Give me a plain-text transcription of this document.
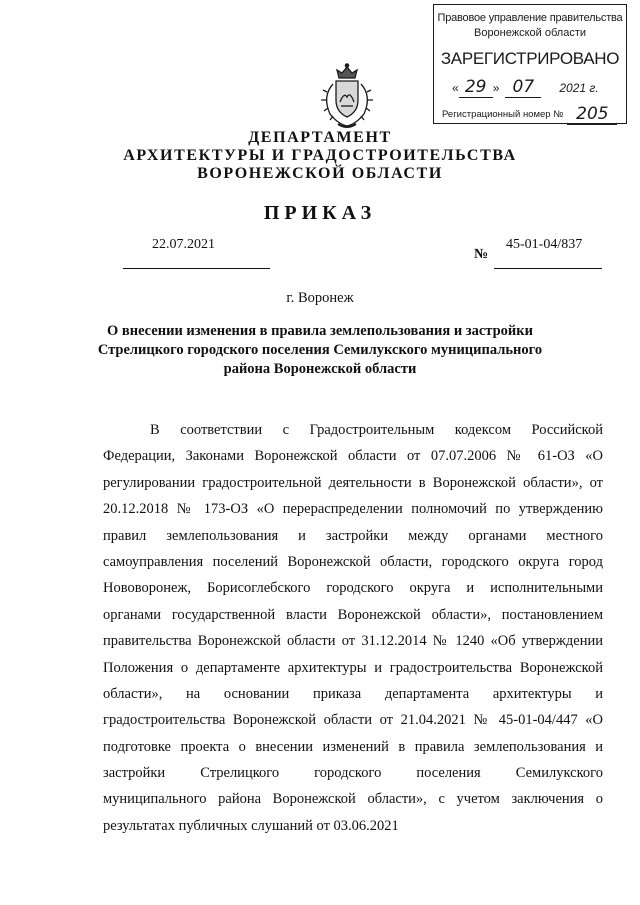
Правовое управление правительства
Воронежской области
ЗАРЕГИСТРИРОВАНО
« 29 » 07 2021 г.
Регистрационный номер № 205
ДЕПАРТАМЕНТ
АРХИТЕКТУРЫ И ГРАДОСТРОИТЕЛЬСТВА
ВОРОНЕЖСКОЙ ОБЛАСТИ
ПРИКАЗ
22.07.2021
№
45-01-04/837
г. Воронеж
О внесении изменения в правила землепользования и застройки
Стрелицкого городского поселения Семилукского муниципального
района Воронежской области
В соответствии с Градостроительным кодексом Российской
Федерации, Законами Воронежской области от 07.07.2006 № 61-ОЗ «О
регулировании градостроительной деятельности в Воронежской области», от
20.12.2018 № 173-ОЗ «О перераспределении полномочий по утверждению
правил землепользования и застройки между органами местного
самоуправления поселений Воронежской области, городского округа город
Нововоронеж, Борисоглебского городского округа и исполнительными
органами государственной власти Воронежской области», постановлением
правительства Воронежской области от 31.12.2014 № 1240 «Об утверждении
Положения о департаменте архитектуры и градостроительства Воронежской
области», на основании приказа департамента архитектуры и
градостроительства Воронежской области от 21.04.2021 № 45-01-04/447 «О
подготовке проекта о внесении изменений в правила землепользования и
застройки Стрелицкого городского поселения Семилукского
муниципального района Воронежской области», с учетом заключения о
результатах публичных слушаний от 03.06.2021
